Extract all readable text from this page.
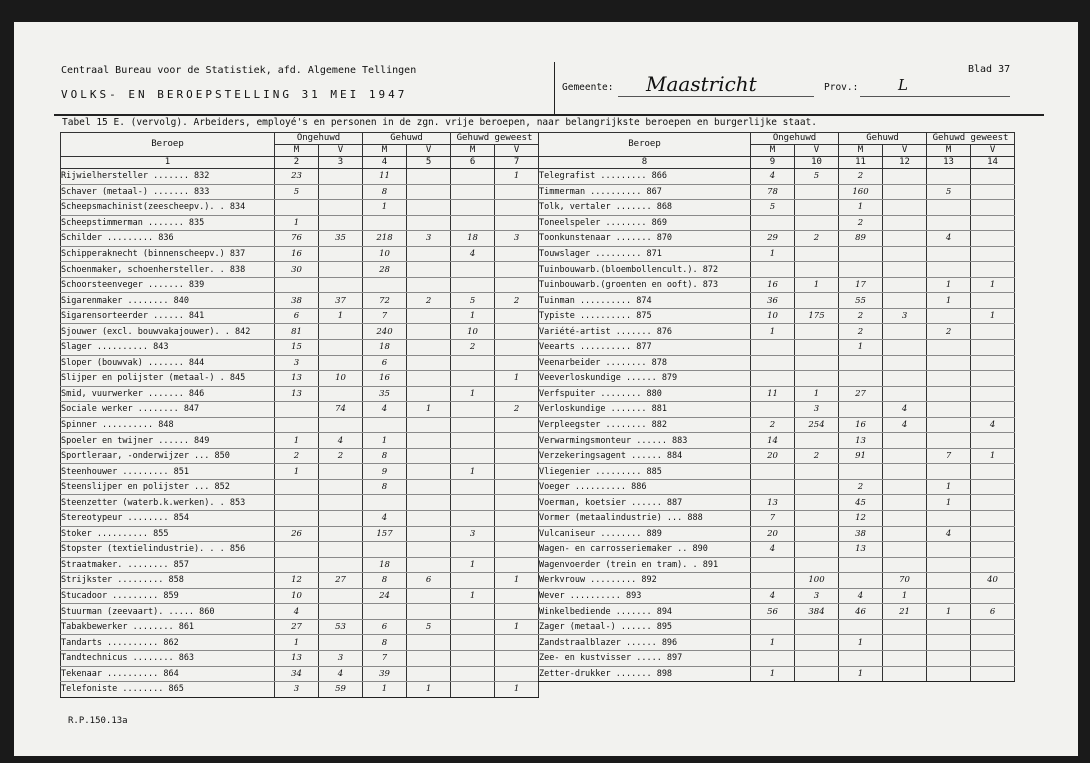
Centraal Bureau voor de Statistiek, afd. Algemene Tellingen
VOLKS- EN BEROEPSTELLING 31 MEI 1947
Gemeente: Maastricht	Prov.:	L
Blad 37
Tabel 15 E. (vervolg). Arbeiders, employé's en personen in de zgn. vrije beroepen, naar belangrijkste beroepen en burgerlijke staat.
Beroep	Ongehuwd		Gehuwd		Gehuwd geweest	
	M	V	M	V	M	V
1	2	3	4	5	6	7
Rijwielhersteller ....... 832	23		11			1
Schaver (metaal-) ....... 833	5		8			
Scheepsmachinist(zeescheepv.). . 834			1			
Scheepstimmerman ....... 835	1					
Schilder ......... 836	76	35	218	3	18	3
Schipperaknecht (binnenscheepv.) 837	16		10		4	
Schoenmaker, schoenhersteller. . 838	30		28			
Schoorsteenveger ....... 839						
Sigarenmaker ........ 840	38	37	72	2	5	2
Sigarensorteerder ...... 841	6	1	7		1	
Sjouwer (excl. bouwvakajouwer). . 842	81		240		10	
Slager .......... 843	15		18		2	
Sloper (bouwvak) ....... 844	3		6			
Slijper en polijster (metaal-) . 845	13	10	16			1
Smid, vuurwerker ....... 846	13		35		1	
Sociale werker ........ 847		74	4	1		2
Spinner .......... 848						
Spoeler en twijner ...... 849	1	4	1			
Sportleraar, -onderwijzer ... 850	2	2	8			
Steenhouwer ......... 851	1		9		1	
Steenslijper en polijster ... 852			8			
Steenzetter (waterb.k.werken). . 853						
Stereotypeur ........ 854			4			
Stoker .......... 855	26		157		3	
Stopster (textielindustrie). . . 856						
Straatmaker. ........ 857			18		1	
Strijkster ......... 858	12	27	8	6		1
Stucadoor ......... 859	10		24		1	
Stuurman (zeevaart). ..... 860	4					
Tabakbewerker ........ 861	27	53	6	5		1
Tandarts .......... 862	1		8			
Tandtechnicus ........ 863	13	3	7			
Tekenaar .......... 864	34	4	39			
Telefoniste ........ 865	3	59	1	1		1
Beroep	Ongehuwd		Gehuwd		Gehuwd geweest	
	M	V	M	V	M	V
8	9	10	11	12	13	14
Telegrafist ......... 866	4	5	2			
Timmerman .......... 867	78		160		5	
Tolk, vertaler ....... 868	5		1			
Toneelspeler ........ 869			2			
Toonkunstenaar ....... 870	29	2	89		4	
Touwslager ......... 871	1					
Tuinbouwarb.(bloembollencult.). 872						
Tuinbouwarb.(groenten en ooft). 873	16	1	17		1	1
Tuinman .......... 874	36		55		1	
Typiste .......... 875	10	175	2	3		1
Variété-artist ....... 876	1		2		2	
Veearts .......... 877			1			
Veenarbeider ........ 878						
Veeverloskundige ...... 879						
Verfspuiter ........ 880	11	1	27			
Verloskundige ....... 881		3		4		
Verpleegster ........ 882	2	254	16	4		4
Verwarmingsmonteur ...... 883	14		13			
Verzekeringsagent ...... 884	20	2	91		7	1
Vliegenier ......... 885						
Voeger .......... 886			2		1	
Voerman, koetsier ...... 887	13		45		1	
Vormer (metaalindustrie) ... 888	7		12			
Vulcaniseur ........ 889	20		38		4	
Wagen- en carrosseriemaker .. 890	4		13			
Wagenvoerder (trein en tram). . 891						
Werkvrouw ......... 892		100		70		40
Wever .......... 893	4	3	4	1		
Winkelbediende ....... 894	56	384	46	21	1	6
Zager (metaal-) ...... 895						
Zandstraalblazer ...... 896	1		1			
Zee- en kustvisser ..... 897						
Zetter-drukker ....... 898	1		1			
R.P.150.13a
